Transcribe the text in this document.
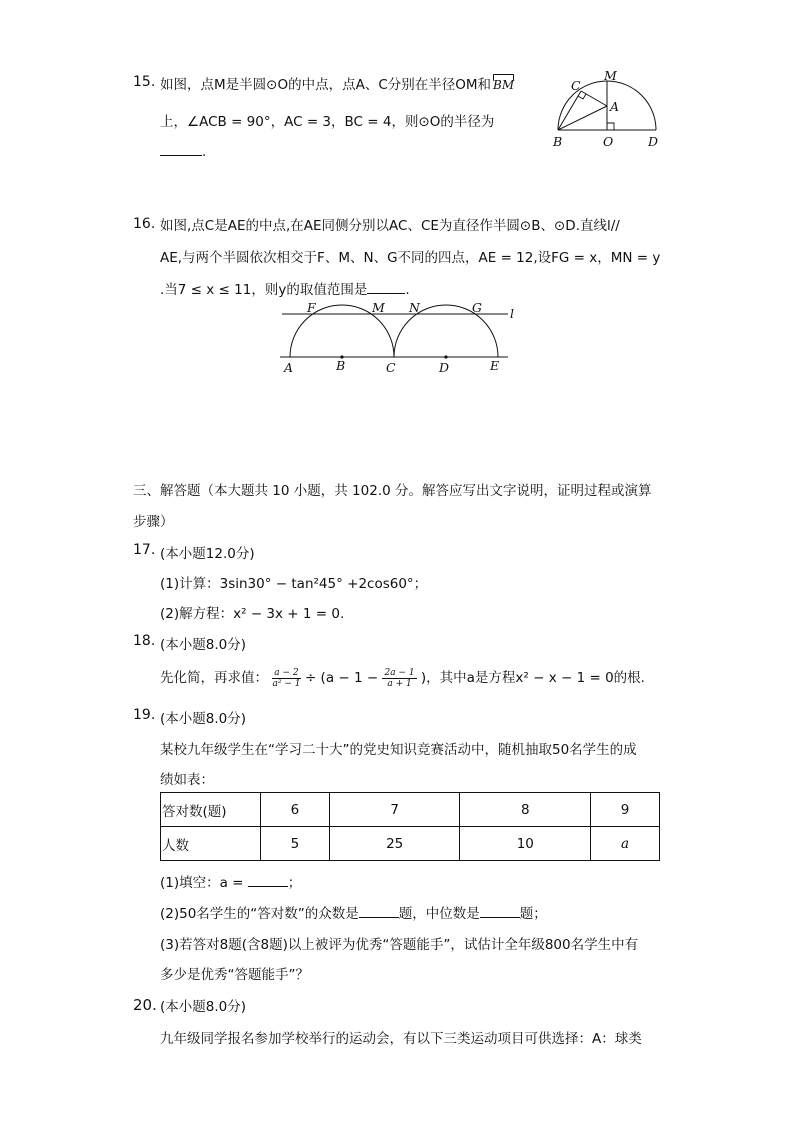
15. 如图，点M是半圆⊙O的中点，点A、C分别在半径OM和 BM
上，∠ACB = 90°，AC = 3，BC = 4，则⊙O的半径为
.
C
M
A
B	O	D
16. 如图,点C是AE的中点,在AE同侧分别以AC、CE为直径作半圆⊙B、⊙D.直线l//
AE,与两个半圆依次相交于F、M、N、G不同的四点，AE = 12,设FG = x，MN = y
.当7 ≤ x ≤ 11，则y的取值范围是	.
F	M N	G l
A	B	C	D	E
三、解答题（本大题共 10 小题，共 102.0 分。解答应写出文字说明，证明过程或演算
步骤）
17. (本小题12.0分)
(1)计算：3sin30° − tan²45° +2cos60°；
(2)解方程：x² − 3x + 1 = 0.
18. (本小题8.0分)
先化简，再求值： $\frac{a - 2}{\text{a² − 1}} \div (a - 1 - \frac{2a - 1}{a + 1}$ )，其中a是方程x² − x − 1 = 0的根.
19. (本小题8.0分)
某校九年级学生在“学习二十大”的党史知识竞赛活动中，随机抽取50名学生的成
绩如表：
答对数(题)	6	7	8	9
人数	5	25	10	a
(1)填空：a =	；
(2)50名学生的“答对数”的众数是	题，中位数是	题；
(3)若答对8题(含8题)以上被评为优秀“答题能手”，试估计全年级800名学生中有
多少是优秀“答题能手”？
20. (本小题8.0分)
九年级同学报名参加学校举行的运动会，有以下三类运动项目可供选择：A：球类
